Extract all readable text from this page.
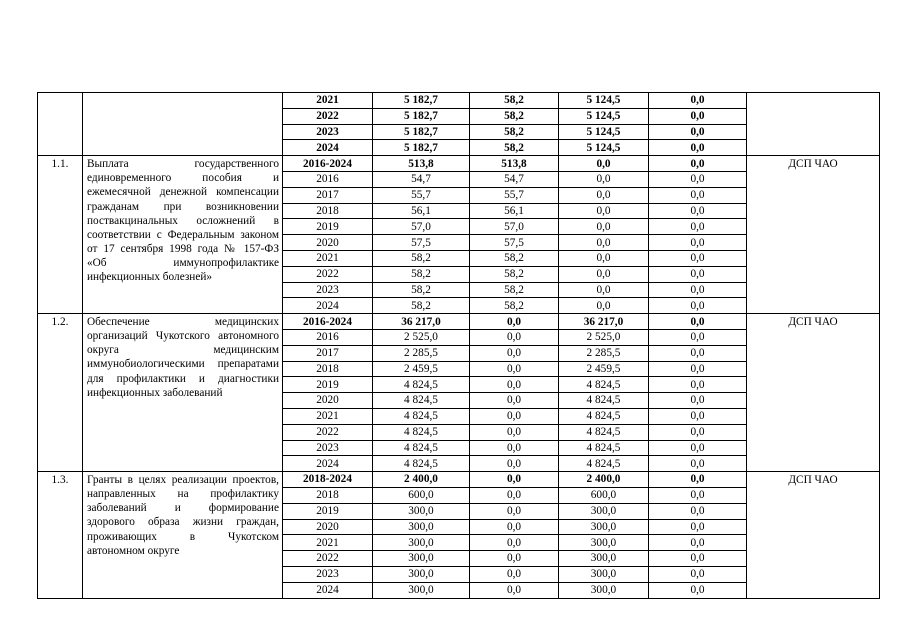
		2021	5 182,7	58,2	5 124,5	0,0	
		2022	5 182,7	58,2	5 124,5	0,0	
		2023	5 182,7	58,2	5 124,5	0,0	
		2024	5 182,7	58,2	5 124,5	0,0	
1.1.	Выплата государственного единовременного пособия и ежемесячной денежной компенсации гражданам при возникновении поствакцинальных осложнений в соответствии с Федеральным законом от 17 сентября 1998 года № 157-ФЗ «Об иммунопрофилактике инфекционных болезней»	2016-2024	513,8	513,8	0,0	0,0	ДСП ЧАО
		2016	54,7	54,7	0,0	0,0	
		2017	55,7	55,7	0,0	0,0	
		2018	56,1	56,1	0,0	0,0	
		2019	57,0	57,0	0,0	0,0	
		2020	57,5	57,5	0,0	0,0	
		2021	58,2	58,2	0,0	0,0	
		2022	58,2	58,2	0,0	0,0	
		2023	58,2	58,2	0,0	0,0	
		2024	58,2	58,2	0,0	0,0	
1.2.	Обеспечение медицинских организаций Чукотского автономного округа медицинским иммунобиологическими препаратами для профилактики и диагностики инфекционных заболеваний	2016-2024	36 217,0	0,0	36 217,0	0,0	ДСП ЧАО
		2016	2 525,0	0,0	2 525,0	0,0	
		2017	2 285,5	0,0	2 285,5	0,0	
		2018	2 459,5	0,0	2 459,5	0,0	
		2019	4 824,5	0,0	4 824,5	0,0	
		2020	4 824,5	0,0	4 824,5	0,0	
		2021	4 824,5	0,0	4 824,5	0,0	
		2022	4 824,5	0,0	4 824,5	0,0	
		2023	4 824,5	0,0	4 824,5	0,0	
		2024	4 824,5	0,0	4 824,5	0,0	
1.3.	Гранты в целях реализации проектов, направленных на профилактику заболеваний и формирование здорового образа жизни граждан, проживающих в Чукотском автономном округе	2018-2024	2 400,0	0,0	2 400,0	0,0	ДСП ЧАО
		2018	600,0	0,0	600,0	0,0	
		2019	300,0	0,0	300,0	0,0	
		2020	300,0	0,0	300,0	0,0	
		2021	300,0	0,0	300,0	0,0	
		2022	300,0	0,0	300,0	0,0	
		2023	300,0	0,0	300,0	0,0	
		2024	300,0	0,0	300,0	0,0	
